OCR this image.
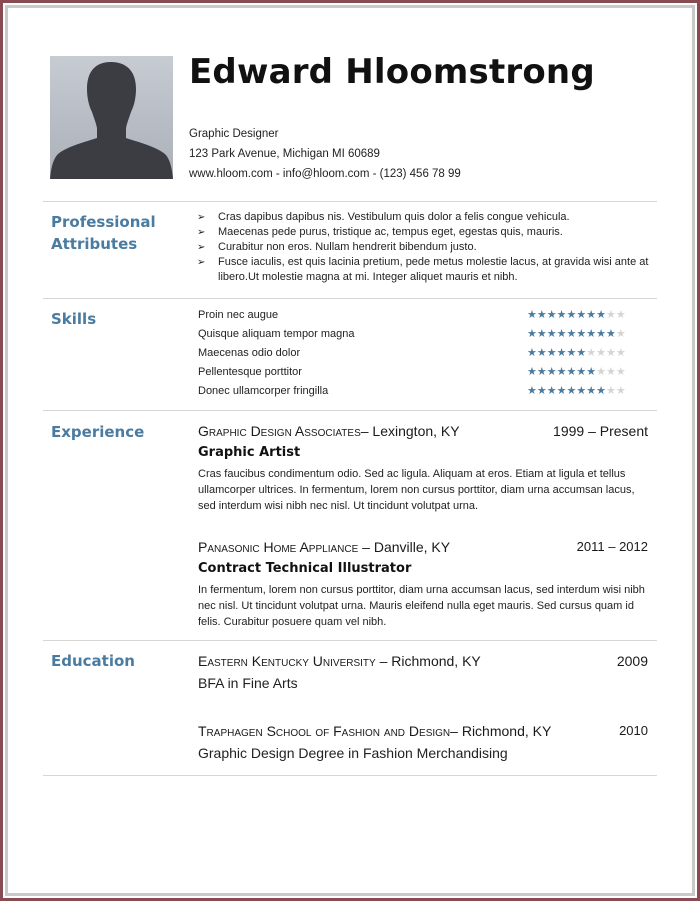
Edward Hloomstrong
Graphic Designer
123 Park Avenue, Michigan MI 60689
www.hloom.com - info@hloom.com - (123) 456 78 99
Professional
Attributes
➢ Cras dapibus dapibus nis. Vestibulum quis dolor a felis congue vehicula.
➢ Maecenas pede purus, tristique ac, tempus eget, egestas quis, mauris.
➢ Curabitur non eros. Nullam hendrerit bibendum justo.
➢ Fusce iaculis, est quis lacinia pretium, pede metus molestie lacus, at gravida wisi ante at libero.Ut molestie magna at mi. Integer aliquet mauris et nibh.
Skills	Proin nec augue	★★★★★★★★★★
Quisque aliquam tempor magna	★★★★★★★★★★
Maecenas odio dolor	★★★★★★★★★★
Pellentesque porttitor	★★★★★★★★★★
Donec ullamcorper fringilla	★★★★★★★★★★
Experience	Graphic Design Associates– Lexington, KY	1999 – Present
Graphic Artist
Cras faucibus condimentum odio. Sed ac ligula. Aliquam at eros. Etiam at ligula et tellus ullamcorper ultrices. In fermentum, lorem non cursus porttitor, diam urna accumsan lacus, sed interdum wisi nibh nec nisl. Ut tincidunt volutpat urna.
Panasonic Home Appliance – Danville, KY	2011 – 2012
Contract Technical Illustrator
In fermentum, lorem non cursus porttitor, diam urna accumsan lacus, sed interdum wisi nibh nec nisl. Ut tincidunt volutpat urna. Mauris eleifend nulla eget mauris. Sed cursus quam id felis. Curabitur posuere quam vel nibh.
Education	Eastern Kentucky University – Richmond, KY	2009
BFA in Fine Arts
Traphagen School of Fashion and Design– Richmond, KY	2010
Graphic Design Degree in Fashion Merchandising
